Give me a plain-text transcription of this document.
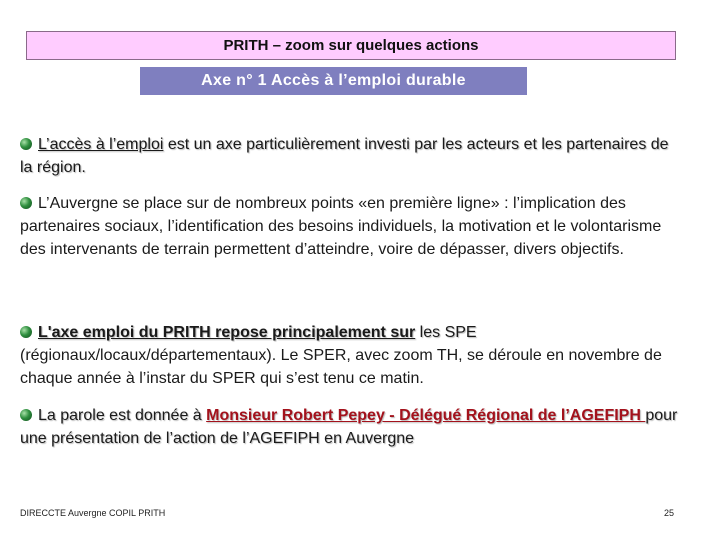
PRITH – zoom sur quelques actions
Axe n° 1 Accès à l’emploi durable
L’accès à l’emploi est un axe particulièrement investi par les acteurs et les partenaires de la région.
L’Auvergne se place sur de nombreux points «en première ligne» : l’implication des partenaires sociaux, l’identification des besoins individuels, la motivation et le volontarisme des intervenants de terrain permettent d’atteindre, voire de dépasser, divers objectifs.
L'axe emploi du PRITH repose principalement sur les SPE (régionaux/locaux/départementaux). Le SPER, avec zoom TH, se déroule en novembre de chaque année à l’instar du SPER qui s’est tenu ce matin.
La parole est donnée à Monsieur Robert Pepey - Délégué Régional de l’AGEFIPH pour une présentation de l’action de l’AGEFIPH en Auvergne
DIRECCTE Auvergne COPIL PRITH	25
